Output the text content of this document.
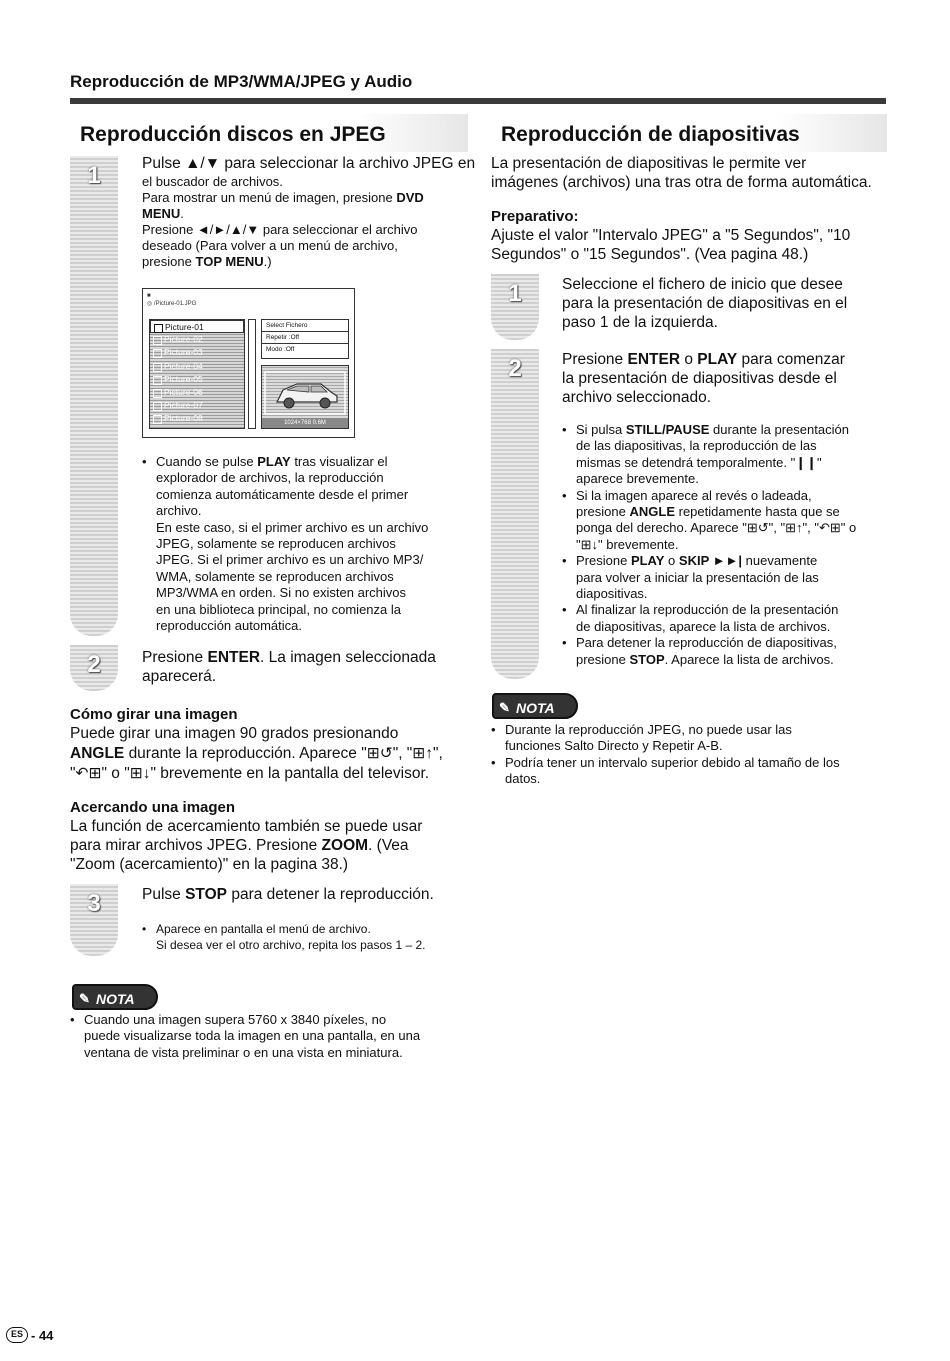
Reproducción de MP3/WMA/JPEG y Audio
Reproducción discos en JPEG
1	Pulse ▲/▼ para seleccionar la archivo JPEG en
el buscador de archivos.
Para mostrar un menú de imagen, presione DVD
MENU.
Presione ◄/►/▲/▼ para seleccionar el archivo
deseado (Para volver a un menú de archivo,
presione TOP MENU.)
■
◎ /Picture-01.JPG
Picture-01
Picture-02
Picture-03
Picture-04
Picture-05
Picture-06
Picture-07
Picture-08
Select Fichero
Repetir :Off
Modo :Off
1024×768 0.6M
• Cuando se pulse PLAY tras visualizar el
explorador de archivos, la reproducción
comienza automáticamente desde el primer
archivo.
En este caso, si el primer archivo es un archivo
JPEG, solamente se reproducen archivos
JPEG. Si el primer archivo es un archivo MP3/
WMA, solamente se reproducen archivos
MP3/WMA en orden. Si no existen archivos
en una biblioteca principal, no comienza la
reproducción automática.
2	Presione ENTER. La imagen seleccionada
aparecerá.
Cómo girar una imagen
Puede girar una imagen 90 grados presionando
ANGLE durante la reproducción. Aparece "⊞↺", "⊞↑",
"↶⊞" o "⊞↓" brevemente en la pantalla del televisor.
Acercando una imagen
La función de acercamiento también se puede usar
para mirar archivos JPEG. Presione ZOOM. (Vea
"Zoom (acercamiento)" en la pagina 38.)
3	Pulse STOP para detener la reproducción.
• Aparece en pantalla el menú de archivo.
Si desea ver el otro archivo, repita los pasos 1 – 2.
✎ NOTA
• Cuando una imagen supera 5760 x 3840 píxeles, no
puede visualizarse toda la imagen en una pantalla, en una
ventana de vista preliminar o en una vista en miniatura.
Reproducción de diapositivas
La presentación de diapositivas le permite ver
imágenes (archivos) una tras otra de forma automática.
Preparativo:
Ajuste el valor "Intervalo JPEG" a "5 Segundos", "10
Segundos" o "15 Segundos". (Vea pagina 48.)
1	Seleccione el fichero de inicio que desee
para la presentación de diapositivas en el
paso 1 de la izquierda.
2	Presione ENTER o PLAY para comenzar
la presentación de diapositivas desde el
archivo seleccionado.
• Si pulsa STILL/PAUSE durante la presentación
de las diapositivas, la reproducción de las
mismas se detendrá temporalmente. "❙❙"
aparece brevemente.
• Si la imagen aparece al revés o ladeada,
presione ANGLE repetidamente hasta que se
ponga del derecho. Aparece "⊞↺", "⊞↑", "↶⊞" o
"⊞↓" brevemente.
• Presione PLAY o SKIP ►►| nuevamente
para volver a iniciar la presentación de las
diapositivas.
• Al finalizar la reproducción de la presentación
de diapositivas, aparece la lista de archivos.
• Para detener la reproducción de diapositivas,
presione STOP. Aparece la lista de archivos.
✎ NOTA
• Durante la reproducción JPEG, no puede usar las
funciones Salto Directo y Repetir A-B.
• Podría tener un intervalo superior debido al tamaño de los
datos.
ES - 44
